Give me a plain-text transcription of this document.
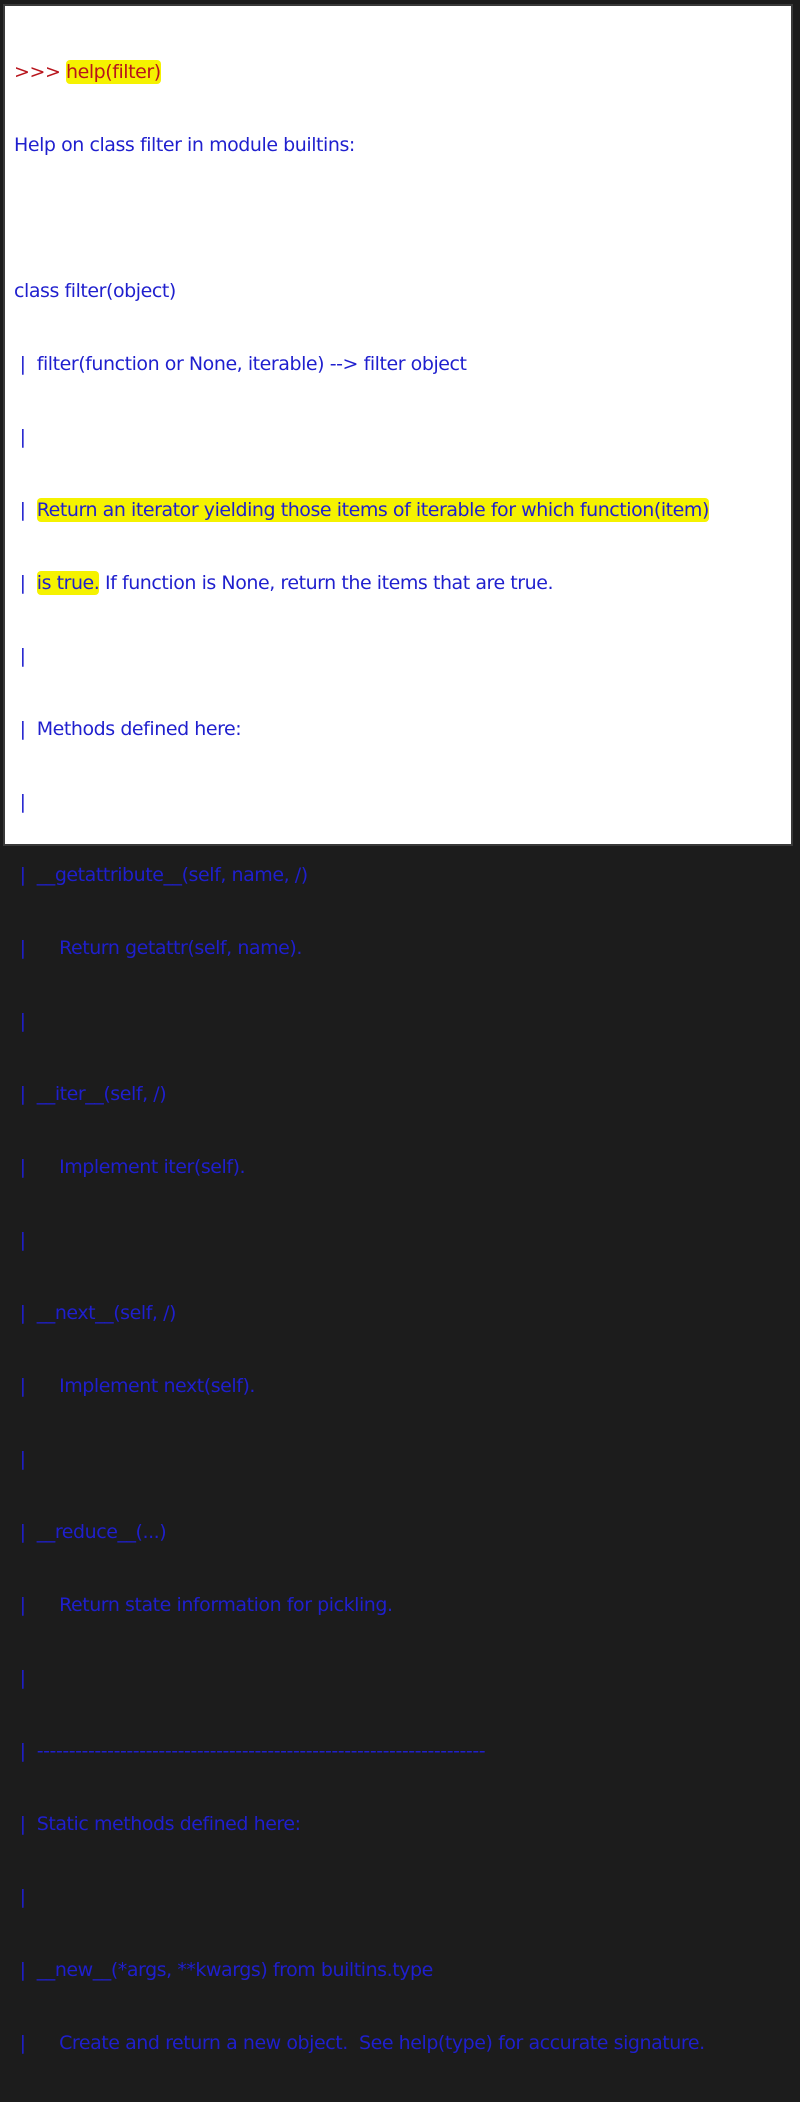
>>> help(filter)

Help on class filter in module builtins:

class filter(object)

|  filter(function or None, iterable) --> filter object

|

|  Return an iterator yielding those items of iterable for which function(item)

|  is true. If function is None, return the items that are true.

|

|  Methods defined here:

|

|  __getattribute__(self, name, /)

|      Return getattr(self, name).

|

|  __iter__(self, /)

|      Implement iter(self).

|

|  __next__(self, /)

|      Implement next(self).

|

|  __reduce__(...)

|      Return state information for pickling.

|

|  ----------------------------------------------------------------------

|  Static methods defined here:

|

|  __new__(*args, **kwargs) from builtins.type

|      Create and return a new object.  See help(type) for accurate signature.
